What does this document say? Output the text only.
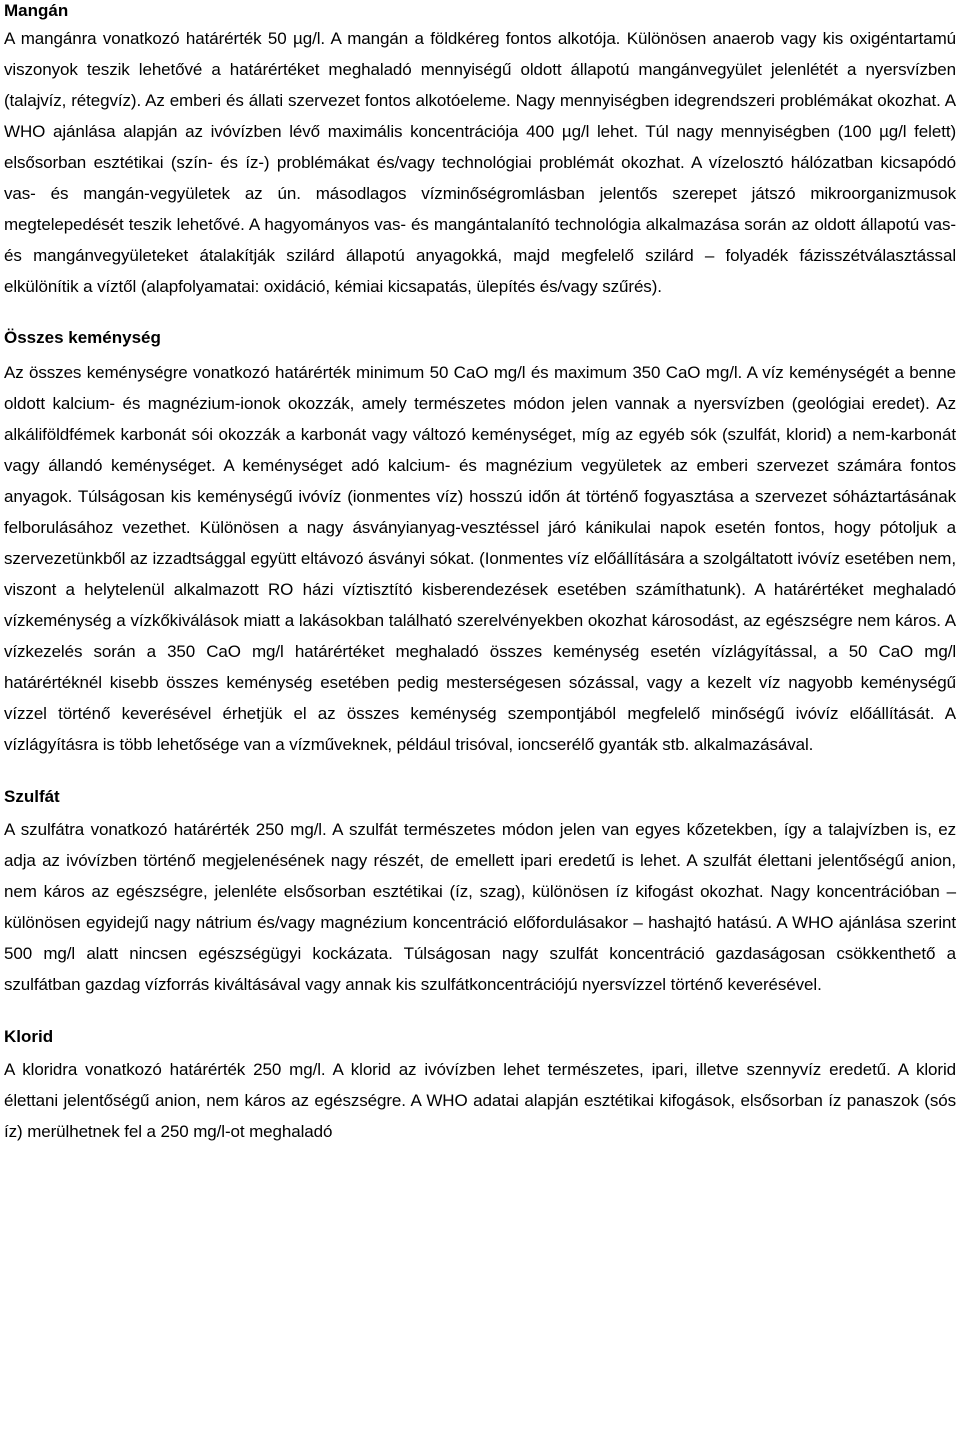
Mangán

A mangánra vonatkozó határérték 50 µg/l. A mangán a földkéreg fontos alkotója. Különösen anaerob vagy kis oxigéntartamú viszonyok teszik lehetővé a határértéket meghaladó mennyiségű oldott állapotú mangánvegyület jelenlétét a nyersvízben (talajvíz, rétegvíz). Az emberi és állati szervezet fontos alkotóeleme. Nagy mennyiségben idegrendszeri problémákat okozhat. A WHO ajánlása alapján az ivóvízben lévő maximális koncentrációja 400 µg/l lehet. Túl nagy mennyiségben (100 µg/l felett) elsősorban esztétikai (szín- és íz-) problémákat és/vagy technológiai problémát okozhat. A vízelosztó hálózatban kicsapódó vas- és mangán-vegyületek az ún. másodlagos vízminőségromlásban jelentős szerepet játszó mikroorganizmusok megtelepedését teszik lehetővé. A hagyományos vas- és mangántalanító technológia alkalmazása során az oldott állapotú vas- és mangánvegyületeket átalakítják szilárd állapotú anyagokká, majd megfelelő szilárd – folyadék fázisszétválasztással elkülönítik a víztől (alapfolyamatai: oxidáció, kémiai kicsapatás, ülepítés és/vagy szűrés).

Összes keménység

Az összes keménységre vonatkozó határérték minimum 50 CaO mg/l és maximum 350 CaO mg/l. A víz keménységét a benne oldott kalcium- és magnézium-ionok okozzák, amely természetes módon jelen vannak a nyersvízben (geológiai eredet). Az alkáliföldfémek karbonát sói okozzák a karbonát vagy változó keménységet, míg az egyéb sók (szulfát, klorid) a nem-karbonát vagy állandó keménységet. A keménységet adó kalcium- és magnézium vegyületek az emberi szervezet számára fontos anyagok. Túlságosan kis keménységű ivóvíz (ionmentes víz) hosszú időn át történő fogyasztása a szervezet sóháztartásának felborulásához vezethet. Különösen a nagy ásványianyag-vesztéssel járó kánikulai napok esetén fontos, hogy pótoljuk a szervezetünkből az izzadtsággal együtt eltávozó ásványi sókat. (Ionmentes víz előállítására a szolgáltatott ivóvíz esetében nem, viszont a helytelenül alkalmazott RO házi víztisztító kisberendezések esetében számíthatunk). A határértéket meghaladó vízkeménység a vízkőkiválások miatt a lakásokban található szerelvényekben okozhat károsodást, az egészségre nem káros. A vízkezelés során a 350 CaO mg/l határértéket meghaladó összes keménység esetén vízlágyítással, a 50 CaO mg/l határértéknél kisebb összes keménység esetében pedig mesterségesen sózással, vagy a kezelt víz nagyobb keménységű vízzel történő keverésével érhetjük el az összes keménység szempontjából megfelelő minőségű ivóvíz előállítását. A vízlágyításra is több lehetősége van a vízműveknek, például trisóval, ioncserélő gyanták stb. alkalmazásával.

Szulfát

A szulfátra vonatkozó határérték 250 mg/l. A szulfát természetes módon jelen van egyes kőzetekben, így a talajvízben is, ez adja az ivóvízben történő megjelenésének nagy részét, de emellett ipari eredetű is lehet. A szulfát élettani jelentőségű anion, nem káros az egészségre, jelenléte elsősorban esztétikai (íz, szag), különösen íz kifogást okozhat. Nagy koncentrációban – különösen egyidejű nagy nátrium és/vagy magnézium koncentráció előfordulásakor – hashajtó hatású. A WHO ajánlása szerint 500 mg/l alatt nincsen egészségügyi kockázata. Túlságosan nagy szulfát koncentráció gazdaságosan csökkenthető a szulfátban gazdag vízforrás kiváltásával vagy annak kis szulfátkoncentrációjú nyersvízzel történő keverésével.

Klorid

A kloridra vonatkozó határérték 250 mg/l. A klorid az ivóvízben lehet természetes, ipari, illetve szennyvíz eredetű. A klorid élettani jelentőségű anion, nem káros az egészségre. A WHO adatai alapján esztétikai kifogások, elsősorban íz panaszok (sós íz) merülhetnek fel a 250 mg/l-ot meghaladó
